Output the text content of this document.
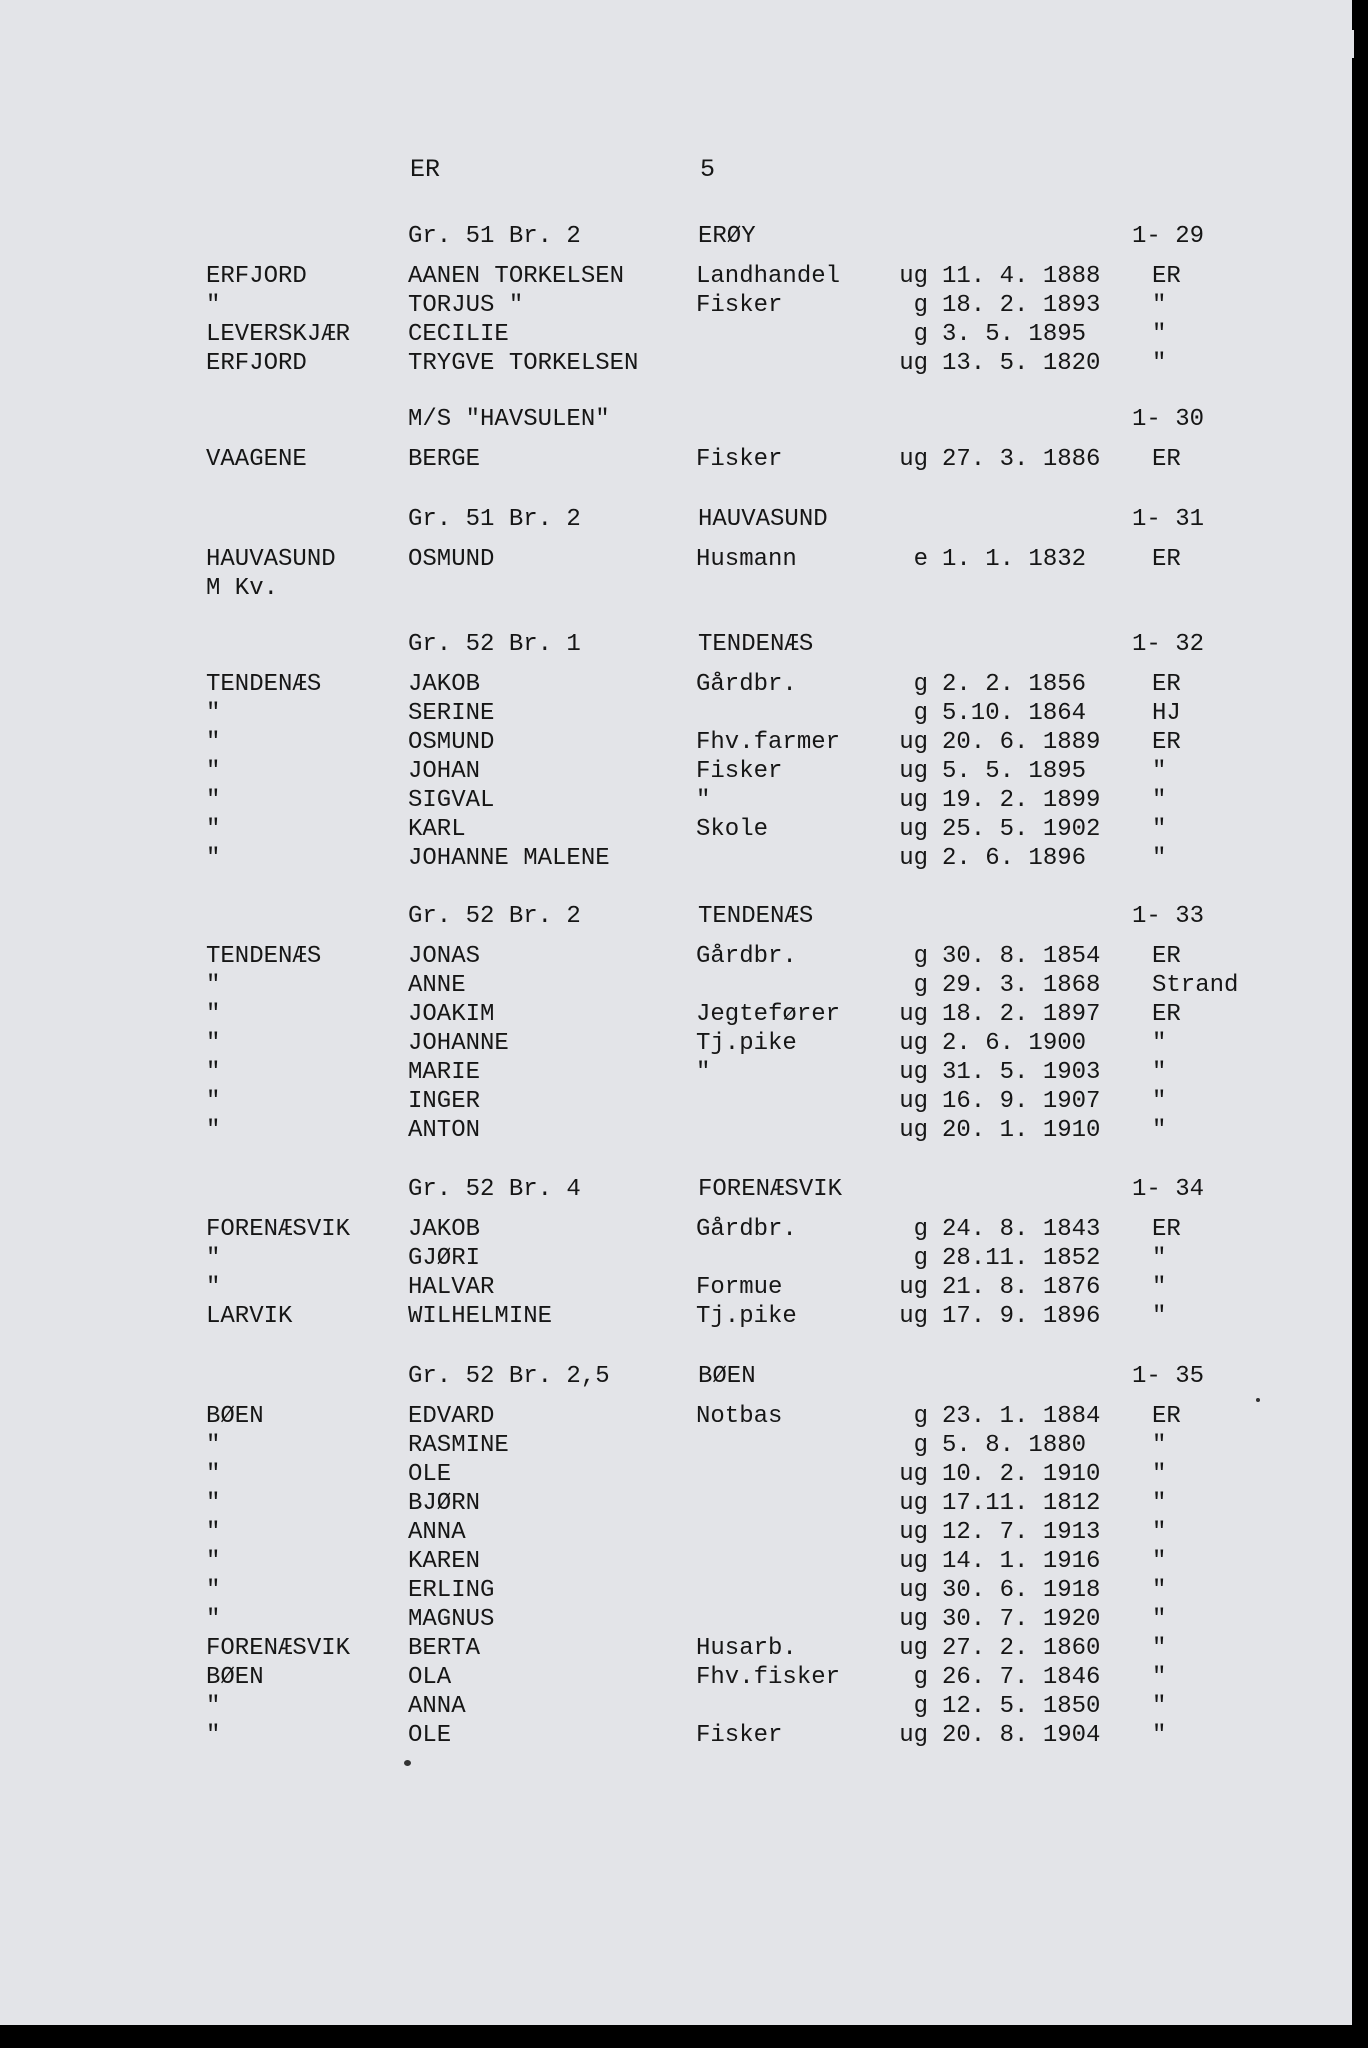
ER	5
Gr. 51 Br. 2	ERØY	1- 29
ERFJORD	AANEN TORKELSEN	Landhandel	ug 11. 4. 1888 ER
"	TORJUS "	Fisker	g 18. 2. 1893 "
LEVERSKJÆR CECILIE	g 3. 5. 1895	"
ERFJORD	TRYGVE TORKELSEN	ug 13. 5. 1820 "
M/S "HAVSULEN"	1- 30
VAAGENE	BERGE	Fisker	ug 27. 3. 1886 ER
Gr. 51 Br. 2	HAUVASUND	1- 31
HAUVASUND	OSMUND	Husmann	e 1. 1. 1832	ER
M Kv.
Gr. 52 Br. 1	TENDENÆS	1- 32
TENDENÆS	JAKOB	Gårdbr.	g 2. 2. 1856	ER
"	SERINE	g 5.10. 1864	HJ
"	OSMUND	Fhv.farmer	ug 20. 6. 1889 ER
"	JOHAN	Fisker	ug 5. 5. 1895	"
"	SIGVAL	"	ug 19. 2. 1899 "
"	KARL	Skole	ug 25. 5. 1902 "
"	JOHANNE MALENE	ug 2. 6. 1896	"
Gr. 52 Br. 2	TENDENÆS	1- 33
TENDENÆS	JONAS	Gårdbr.	g 30. 8. 1854 ER
"	ANNE	g 29. 3. 1868 Strand
"	JOAKIM	Jegtefører	ug 18. 2. 1897 ER
"	JOHANNE	Tj.pike	ug 2. 6. 1900	"
"	MARIE	"	ug 31. 5. 1903 "
"	INGER	ug 16. 9. 1907 "
"	ANTON	ug 20. 1. 1910 "
Gr. 52 Br. 4	FORENÆSVIK	1- 34
FORENÆSVIK JAKOB	Gårdbr.	g 24. 8. 1843 ER
"	GJØRI	g 28.11. 1852 "
"	HALVAR	Formue	ug 21. 8. 1876 "
LARVIK	WILHELMINE	Tj.pike	ug 17. 9. 1896 "
Gr. 52 Br. 2,5	BØEN	1- 35
BØEN	EDVARD	Notbas	g 23. 1. 1884 ER
"	RASMINE	g 5. 8. 1880	"
"	OLE	ug 10. 2. 1910 "
"	BJØRN	ug 17.11. 1812 "
"	ANNA	ug 12. 7. 1913 "
"	KAREN	ug 14. 1. 1916 "
"	ERLING	ug 30. 6. 1918 "
"	MAGNUS	ug 30. 7. 1920 "
FORENÆSVIK BERTA	Husarb.	ug 27. 2. 1860 "
BØEN	OLA	Fhv.fisker	g 26. 7. 1846 "
"	ANNA	g 12. 5. 1850 "
"	OLE	Fisker	ug 20. 8. 1904 "
